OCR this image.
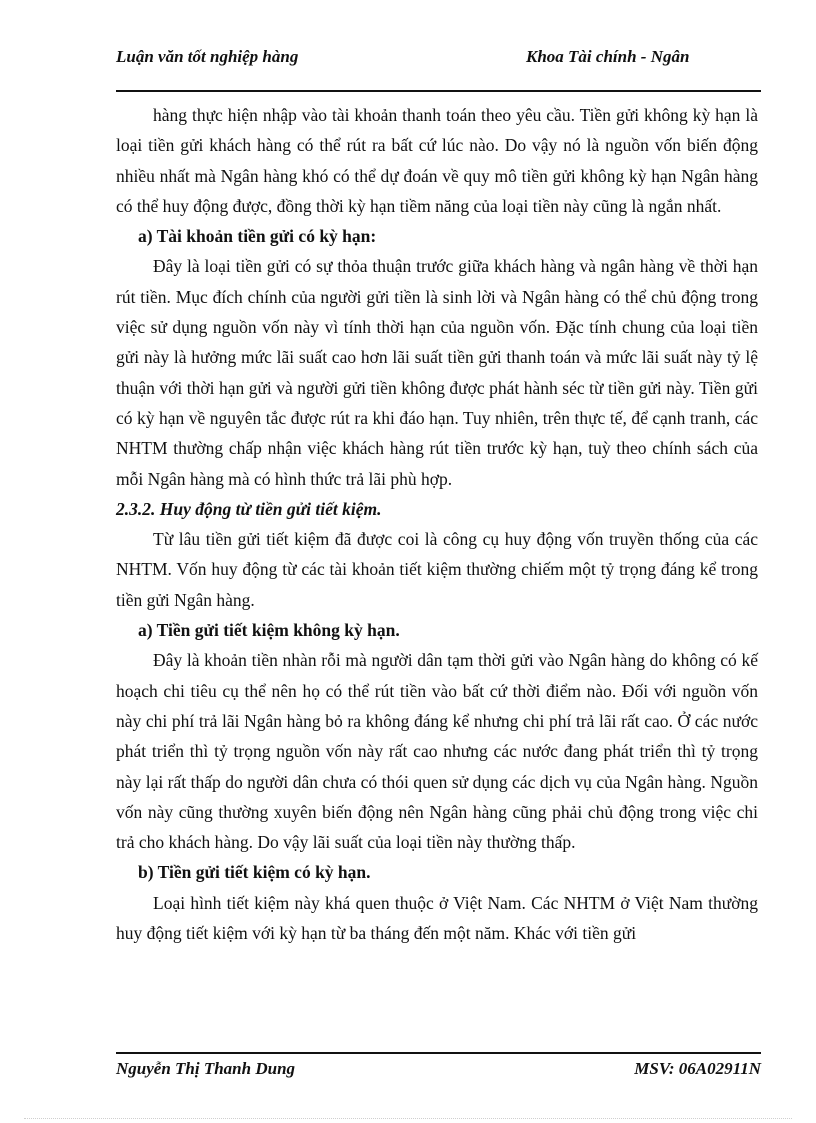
Luận văn tốt nghiệp hàng	Khoa Tài chính - Ngân

hàng thực hiện nhập vào tài khoản thanh toán theo yêu cầu. Tiền gửi không kỳ hạn là loại tiền gửi khách hàng có thể rút ra bất cứ lúc nào. Do vậy nó là nguồn vốn biến động nhiều nhất mà Ngân hàng khó có thể dự đoán về quy mô tiền gửi không kỳ hạn Ngân hàng có thể huy động được, đồng thời kỳ hạn tiềm năng của loại tiền này cũng là ngắn nhất.

a) Tài khoản tiền gửi có kỳ hạn:

Đây là loại tiền gửi có sự thỏa thuận trước giữa khách hàng và ngân hàng về thời hạn rút tiền. Mục đích chính của người gửi tiền là sinh lời và Ngân hàng có thể chủ động trong việc sử dụng nguồn vốn này vì tính thời hạn của nguồn vốn. Đặc tính chung của loại tiền gửi này là hưởng mức lãi suất cao hơn lãi suất tiền gửi thanh toán và mức lãi suất này tỷ lệ thuận với thời hạn gửi và người gửi tiền không được phát hành séc từ tiền gửi này. Tiền gửi có kỳ hạn về nguyên tắc được rút ra khi đáo hạn. Tuy nhiên, trên thực tế, để cạnh tranh, các NHTM thường chấp nhận việc khách hàng rút tiền trước kỳ hạn, tuỳ theo chính sách của mỗi Ngân hàng mà có hình thức trả lãi phù hợp.

2.3.2. Huy động từ tiền gửi tiết kiệm.

Từ lâu tiền gửi tiết kiệm đã được coi là công cụ huy động vốn truyền thống của các NHTM. Vốn huy động từ các tài khoản tiết kiệm thường chiếm một tỷ trọng đáng kể trong tiền gửi Ngân hàng.

a) Tiền gửi tiết kiệm không kỳ hạn.

Đây là khoản tiền nhàn rỗi mà người dân tạm thời gửi vào Ngân hàng do không có kế hoạch chi tiêu cụ thể nên họ có thể rút tiền vào bất cứ thời điểm nào. Đối với nguồn vốn này chi phí trả lãi Ngân hàng bỏ ra không đáng kể nhưng chi phí trả lãi rất cao. Ở các nước phát triển thì tỷ trọng nguồn vốn này rất cao nhưng các nước đang phát triển thì tỷ trọng này lại rất thấp do người dân chưa có thói quen sử dụng các dịch vụ của Ngân hàng. Nguồn vốn này cũng thường xuyên biến động nên Ngân hàng cũng phải chủ động trong việc chi trả cho khách hàng. Do vậy lãi suất của loại tiền này thường thấp.

b) Tiền gửi tiết kiệm có kỳ hạn.

Loại hình tiết kiệm này khá quen thuộc ở Việt Nam. Các NHTM ở Việt Nam thường huy động tiết kiệm với kỳ hạn từ ba tháng đến một năm. Khác với tiền gửi

Nguyễn Thị Thanh Dung	MSV: 06A02911N
